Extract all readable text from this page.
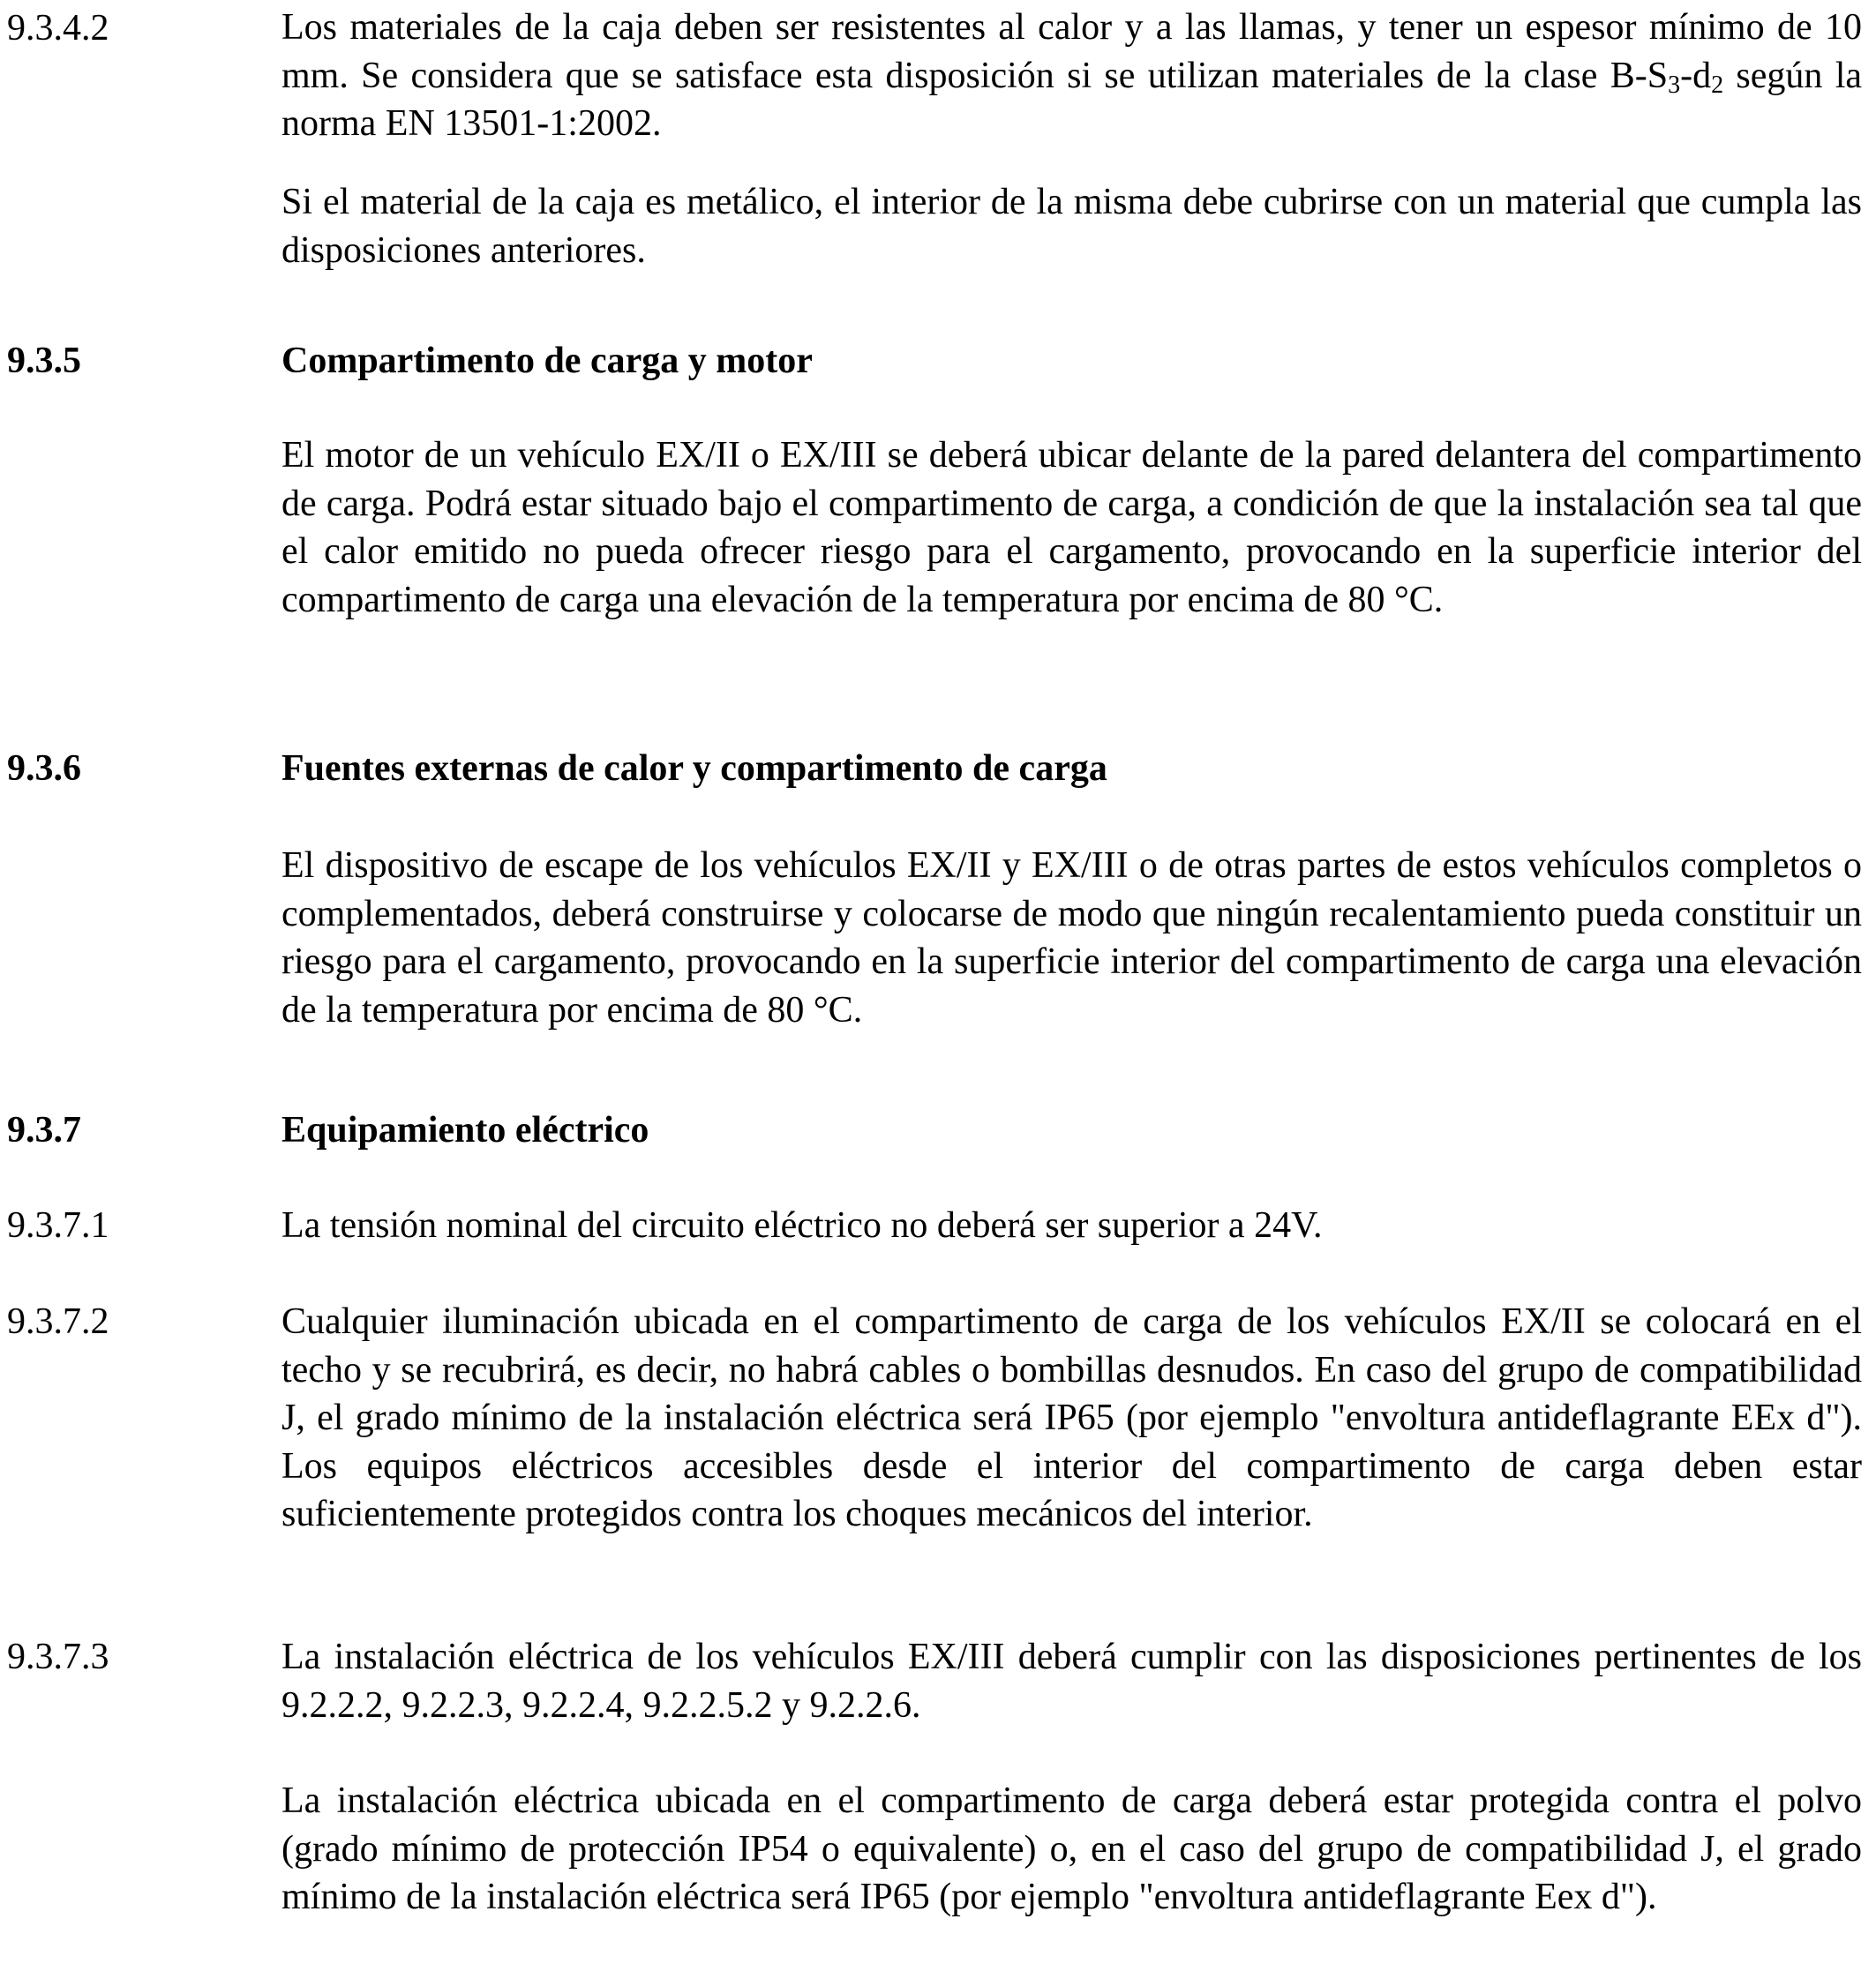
9.3.4.2	Los materiales de la caja deben ser resistentes al calor y a las llamas, y tener un espesor mínimo de 10 mm. Se considera que se satisface esta disposición si se utilizan materiales de la clase $B-S_3-d_2$ según la norma EN 13501-1:2002.
Si el material de la caja es metálico, el interior de la misma debe cubrirse con un material que cumpla las disposiciones anteriores.
9.3.5	Compartimento de carga y motor
El motor de un vehículo EX/II o EX/III se deberá ubicar delante de la pared delantera del compartimento de carga. Podrá estar situado bajo el compartimento de carga, a condición de que la instalación sea tal que el calor emitido no pueda ofrecer riesgo para el cargamento, provocando en la superficie interior del compartimento de carga una elevación de la temperatura por encima de 80 °C.
9.3.6	Fuentes externas de calor y compartimento de carga
El dispositivo de escape de los vehículos EX/II y EX/III o de otras partes de estos vehículos completos o complementados, deberá construirse y colocarse de modo que ningún recalentamiento pueda constituir un riesgo para el cargamento, provocando en la superficie interior del compartimento de carga una elevación de la temperatura por encima de 80 °C.
9.3.7	Equipamiento eléctrico
9.3.7.1	La tensión nominal del circuito eléctrico no deberá ser superior a 24V.
9.3.7.2	Cualquier iluminación ubicada en el compartimento de carga de los vehículos EX/II se colocará en el techo y se recubrirá, es decir, no habrá cables o bombillas desnudos. En caso del grupo de compatibilidad J, el grado mínimo de la instalación eléctrica será IP65 (por ejemplo "envoltura antideflagrante EEx d"). Los equipos eléctricos accesibles desde el interior del compartimento de carga deben estar suficientemente protegidos contra los choques mecánicos del interior.
9.3.7.3	La instalación eléctrica de los vehículos EX/III deberá cumplir con las disposiciones pertinentes de los 9.2.2.2, 9.2.2.3, 9.2.2.4, 9.2.2.5.2 y 9.2.2.6.
La instalación eléctrica ubicada en el compartimento de carga deberá estar protegida contra el polvo (grado mínimo de protección IP54 o equivalente) o, en el caso del grupo de compatibilidad J, el grado mínimo de la instalación eléctrica será IP65 (por ejemplo "envoltura antideflagrante Eex d").
